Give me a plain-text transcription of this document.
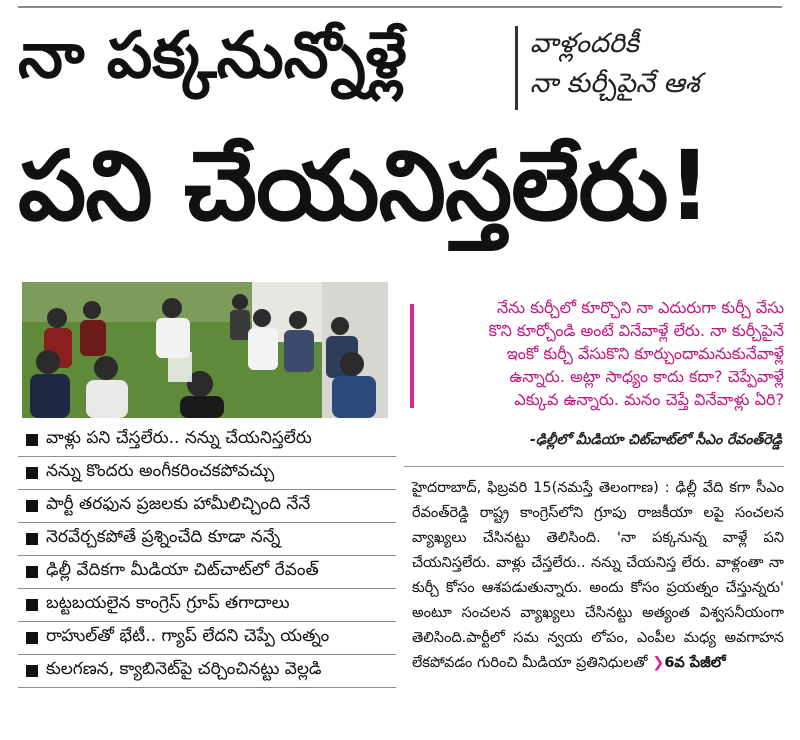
నా పక్కనున్నోళ్లే	వాళ్లందరికీ
నా కుర్చీపైనే ఆశ
పని చేయనిస్తలేరు!
వాళ్లు పని చేస్తలేరు.. నన్ను చేయనిస్తలేరు
నన్ను కొందరు అంగీకరించకపోవచ్చు
పార్టీ తరఫున ప్రజలకు హామీలిచ్చింది నేనే
నెరవేర్చకపోతే ప్రశ్నించేది కూడా నన్నే
ఢిల్లీ వేదికగా మీడియా చిట్‌చాట్‌లో రేవంత్
బట్టబయలైన కాంగ్రెస్ గ్రూప్ తగాదాలు
రాహుల్‌తో భేటీ.. గ్యాప్ లేదని చెప్పే యత్నం
కులగణన, క్యాబినెట్‌పై చర్చించినట్టు వెల్లడి
నేను కుర్చీలో కూర్చొని నా ఎదురుగా కుర్చీ వేసు
కొని కూర్చోండి అంటే వినేవాళ్లే లేరు. నా కుర్చీపైనే
ఇంకో కుర్చీ వేసుకొని కూర్చుందామనుకునేవాళ్లే
ఉన్నారు. అట్లా సాధ్యం కాదు కదా? చెప్పేవాళ్లే
ఎక్కువ ఉన్నారు. మనం చెప్తే వినేవాళ్లు ఏరి?
-ఢిల్లీలో మీడియా చిట్‌చాట్‌లో సీఎం రేవంత్‌రెడ్డి
హైదరాబాద్, ఫిబ్రవరి 15(నమస్తే తెలంగాణ) : ఢిల్లీ వేది కగా సీఎం రేవంత్‌రెడ్డి రాష్ట్ర కాంగ్రెస్‌లోని గ్రూపు రాజకీయా లపై సంచలన వ్యాఖ్యలు చేసినట్టు తెలిసింది. 'నా పక్కనున్న వాళ్లే పని చేయనిస్తలేరు. వాళ్లు చేస్తలేరు.. నన్ను చేయనిస్త లేరు. వాళ్లంతా నా కుర్చీ కోసం ఆశపడుతున్నారు. అందు కోసం ప్రయత్నం చేస్తున్నరు' అంటూ సంచలన వ్యాఖ్యలు చేసినట్టు అత్యంత విశ్వసనీయంగా తెలిసింది.పార్టీలో సమ న్వయ లోపం, ఎంపీల మధ్య అవగాహన లేకపోవడం గురించి మీడియా ప్రతినిధులతో ❯6వ పేజీలో
